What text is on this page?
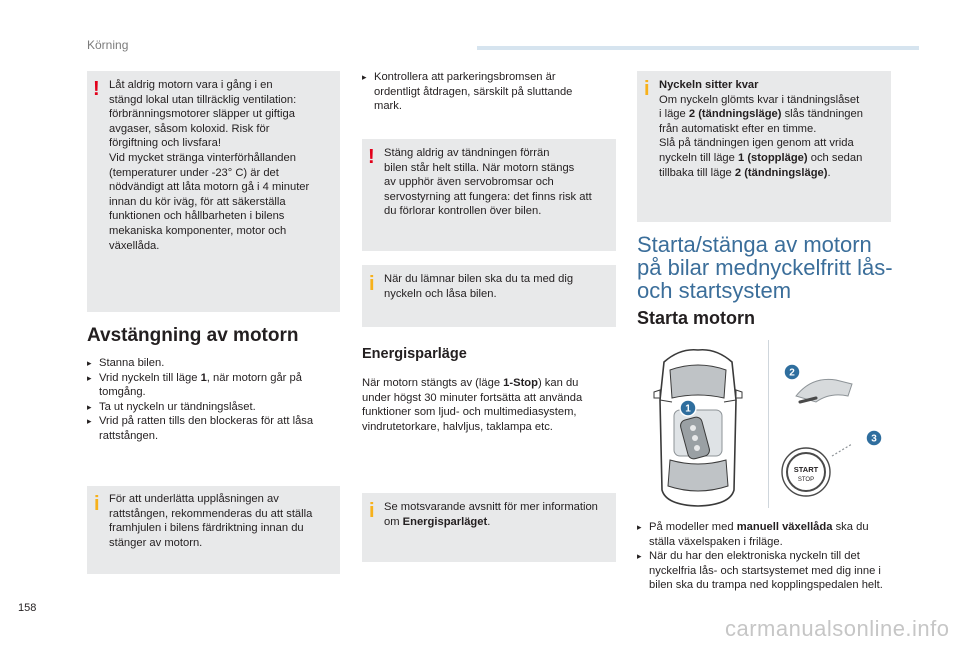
Körning
! Låt aldrig motorn vara i gång i en

stängd lokal utan tillräcklig ventilation:

förbränningsmotorer släpper ut giftiga

avgaser, såsom koloxid. Risk för

förgiftning och livsfara!

Vid mycket stränga vinterförhållanden

(temperaturer under -23° C) är det

nödvändigt att låta motorn gå i 4 minuter

innan du kör iväg, för att säkerställa

funktionen och hållbarheten i bilens

mekaniska komponenter, motor och

växellåda.

Avstängning av motorn
▸ Stanna bilen.
▸ Vrid nyckeln till läge 1, när motorn går på tomgång.
▸ Ta ut nyckeln ur tändningslåset.
▸ Vrid på ratten tills den blockeras för att låsa rattstången.
i För att underlätta upplåsningen av

rattstången, rekommenderas du att ställa

framhjulen i bilens färdriktning innan du

stänger av motorn.

▸ Kontrollera att parkeringsbromsen är ordentligt åtdragen, särskilt på sluttande mark.
! Stäng aldrig av tändningen förrän

bilen står helt stilla. När motorn stängs

av upphör även servobromsar och

servostyrning att fungera: det finns risk att

du förlorar kontrollen över bilen.

i När du lämnar bilen ska du ta med dig

nyckeln och låsa bilen.

Energisparläge

När motorn stängts av (läge 1-Stop) kan du under högst 30 minuter fortsätta att använda funktioner som ljud- och multimediasystem, vindrutetorkare, halvljus, taklampa etc.

i Se motsvarande avsnitt för mer information om Energisparläget.

i Nyckeln sitter kvar

Om nyckeln glömts kvar i tändningslåset

i läge 2 (tändningsläge) slås tändningen

från automatiskt efter en timme.

Slå på tändningen igen genom att vrida

nyckeln till läge 1 (stoppläge) och sedan

tillbaka till läge 2 (tändningsläge).

Starta/stänga av motorn
på bilar mednyckelfritt lås-
och startsystem
Starta motorn
START
STOP
1
2
3
▸ På modeller med manuell växellåda ska du ställa växelspaken i friläge.
▸ När du har den elektroniska nyckeln till det nyckelfria lås- och startsystemet med dig inne i bilen ska du trampa ned kopplingspedalen helt.
158
carmanualsonline.info
